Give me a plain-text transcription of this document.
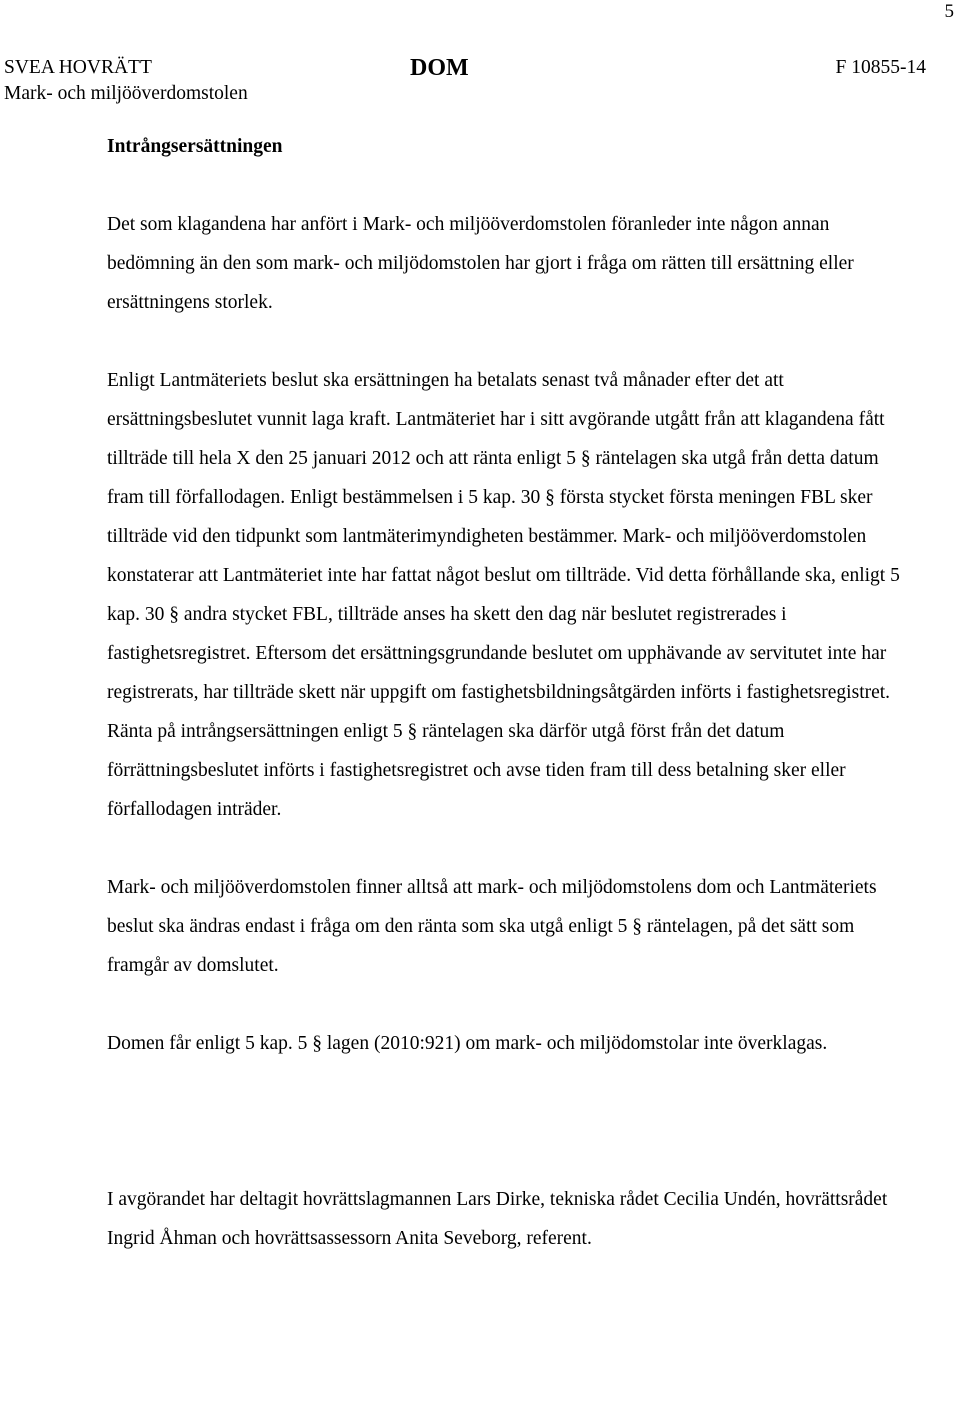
5
SVEA HOVRÄTT
Mark- och miljööverdomstolen
DOM	F 10855-14

Intrångsersättningen

Det som klagandena har anfört i Mark- och miljööverdomstolen föranleder inte någon annan bedömning än den som mark- och miljödomstolen har gjort i fråga om rätten till ersättning eller ersättningens storlek.

Enligt Lantmäteriets beslut ska ersättningen ha betalats senast två månader efter det att ersättningsbeslutet vunnit laga kraft. Lantmäteriet har i sitt avgörande utgått från att klagandena fått tillträde till hela X den 25 januari 2012 och att ränta enligt 5 § räntelagen ska utgå från detta datum fram till förfallodagen. Enligt bestämmelsen i 5 kap. 30 § första stycket första meningen FBL sker tillträde vid den tidpunkt som lantmäterimyndigheten bestämmer. Mark- och miljööverdomstolen konstaterar att Lantmäteriet inte har fattat något beslut om tillträde. Vid detta förhållande ska, enligt 5 kap. 30 § andra stycket FBL, tillträde anses ha skett den dag när beslutet registrerades i fastighetsregistret. Eftersom det ersättningsgrundande beslutet om upphävande av servitutet inte har registrerats, har tillträde skett när uppgift om fastighetsbildningsåtgärden införts i fastighetsregistret. Ränta på intrångsersättningen enligt 5 § räntelagen ska därför utgå först från det datum förrättningsbeslutet införts i fastighetsregistret och avse tiden fram till dess betalning sker eller förfallodagen inträder.

Mark- och miljööverdomstolen finner alltså att mark- och miljödomstolens dom och Lantmäteriets beslut ska ändras endast i fråga om den ränta som ska utgå enligt 5 § räntelagen, på det sätt som framgår av domslutet.

Domen får enligt 5 kap. 5 § lagen (2010:921) om mark- och miljödomstolar inte överklagas.

I avgörandet har deltagit hovrättslagmannen Lars Dirke, tekniska rådet Cecilia Undén, hovrättsrådet Ingrid Åhman och hovrättsassessorn Anita Seveborg, referent.
